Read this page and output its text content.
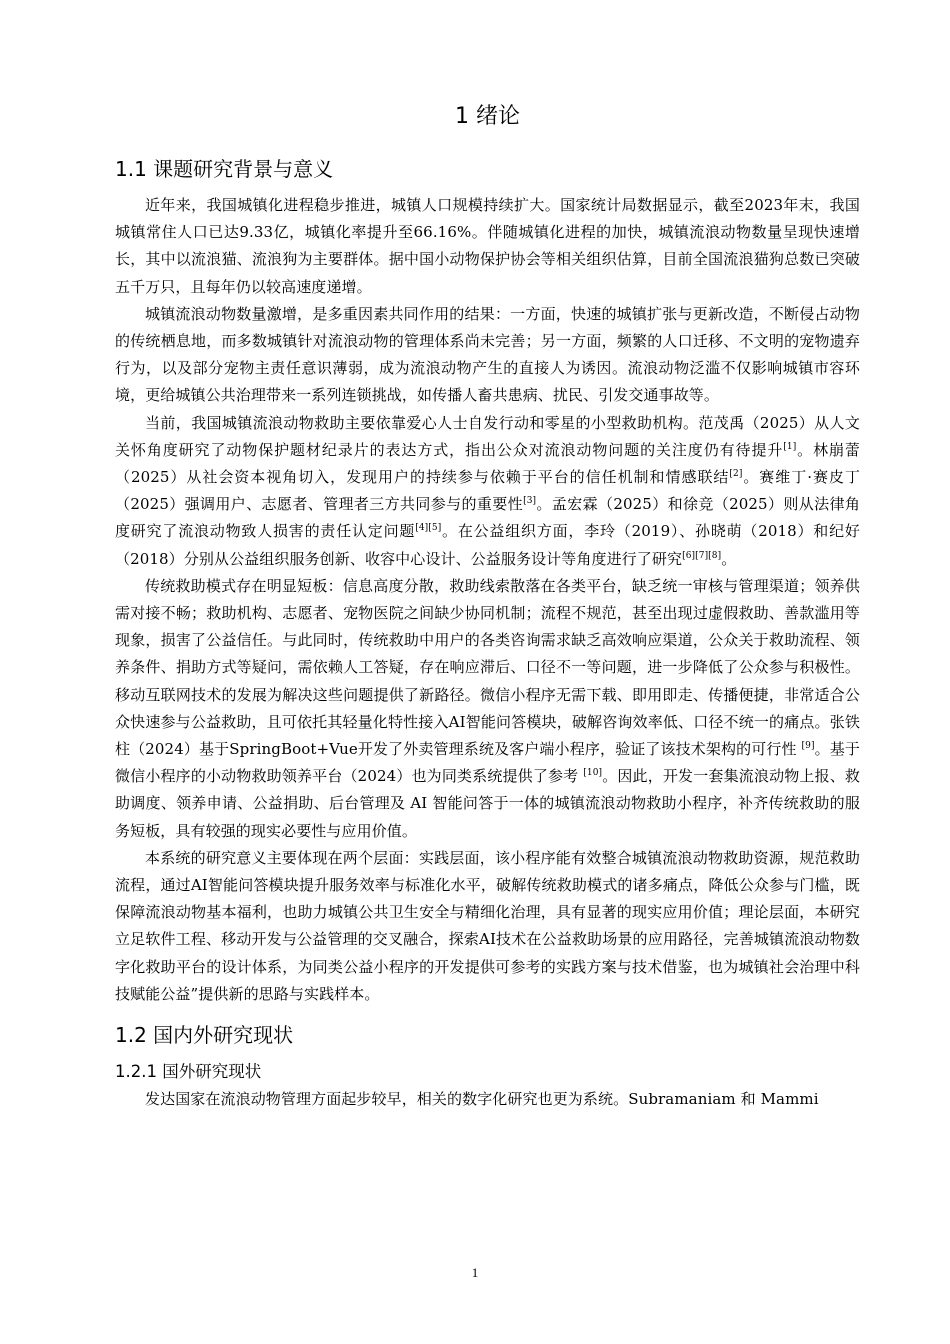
1 绪论
1.1 课题研究背景与意义

近年来，我国城镇化进程稳步推进，城镇人口规模持续扩大。国家统计局数据显示，截至2023年末，我国城镇常住人口已达9.33亿，城镇化率提升至66.16%。伴随城镇化进程的加快，城镇流浪动物数量呈现快速增长，其中以流浪猫、流浪狗为主要群体。据中国小动物保护协会等相关组织估算，目前全国流浪猫狗总数已突破五千万只，且每年仍以较高速度递增。

城镇流浪动物数量激增，是多重因素共同作用的结果：一方面，快速的城镇扩张与更新改造，不断侵占动物的传统栖息地，而多数城镇针对流浪动物的管理体系尚未完善；另一方面，频繁的人口迁移、不文明的宠物遗弃行为，以及部分宠物主责任意识薄弱，成为流浪动物产生的直接人为诱因。流浪动物泛滥不仅影响城镇市容环境，更给城镇公共治理带来一系列连锁挑战，如传播人畜共患病、扰民、引发交通事故等。

当前，我国城镇流浪动物救助主要依靠爱心人士自发行动和零星的小型救助机构。范茂禹（2025）从人文关怀角度研究了动物保护题材纪录片的表达方式，指出公众对流浪动物问题的关注度仍有待提升[1]。林崩蕾（2025）从社会资本视角切入，发现用户的持续参与依赖于平台的信任机制和情感联结[2]。赛维丁·赛皮丁（2025）强调用户、志愿者、管理者三方共同参与的重要性[3]。孟宏霖（2025）和徐竞（2025）则从法律角度研究了流浪动物致人损害的责任认定问题[4][5]。在公益组织方面，李玲（2019）、孙晓萌（2018）和纪好（2018）分别从公益组织服务创新、收容中心设计、公益服务设计等角度进行了研究[6][7][8]。

传统救助模式存在明显短板：信息高度分散，救助线索散落在各类平台，缺乏统一审核与管理渠道；领养供需对接不畅；救助机构、志愿者、宠物医院之间缺少协同机制；流程不规范，甚至出现过虚假救助、善款滥用等现象，损害了公益信任。与此同时，传统救助中用户的各类咨询需求缺乏高效响应渠道，公众关于救助流程、领养条件、捐助方式等疑问，需依赖人工答疑，存在响应滞后、口径不一等问题，进一步降低了公众参与积极性。移动互联网技术的发展为解决这些问题提供了新路径。微信小程序无需下载、即用即走、传播便捷，非常适合公众快速参与公益救助，且可依托其轻量化特性接入AI智能问答模块，破解咨询效率低、口径不统一的痛点。张铁柱（2024）基于SpringBoot+Vue开发了外卖管理系统及客户端小程序，验证了该技术架构的可行性 [9]。基于微信小程序的小动物救助领养平台（2024）也为同类系统提供了参考 [10]。因此，开发一套集流浪动物上报、救助调度、领养申请、公益捐助、后台管理及 AI 智能问答于一体的城镇流浪动物救助小程序，补齐传统救助的服务短板，具有较强的现实必要性与应用价值。

本系统的研究意义主要体现在两个层面：实践层面，该小程序能有效整合城镇流浪动物救助资源，规范救助流程，通过AI智能问答模块提升服务效率与标准化水平，破解传统救助模式的诸多痛点，降低公众参与门槛，既保障流浪动物基本福利，也助力城镇公共卫生安全与精细化治理，具有显著的现实应用价值；理论层面，本研究立足软件工程、移动开发与公益管理的交叉融合，探索AI技术在公益救助场景的应用路径，完善城镇流浪动物数字化救助平台的设计体系，为同类公益小程序的开发提供可参考的实践方案与技术借鉴，也为城镇社会治理中科技赋能公益”提供新的思路与实践样本。

1.2 国内外研究现状
1.2.1 国外研究现状

发达国家在流浪动物管理方面起步较早，相关的数字化研究也更为系统。Subramaniam 和 Mammi

1
